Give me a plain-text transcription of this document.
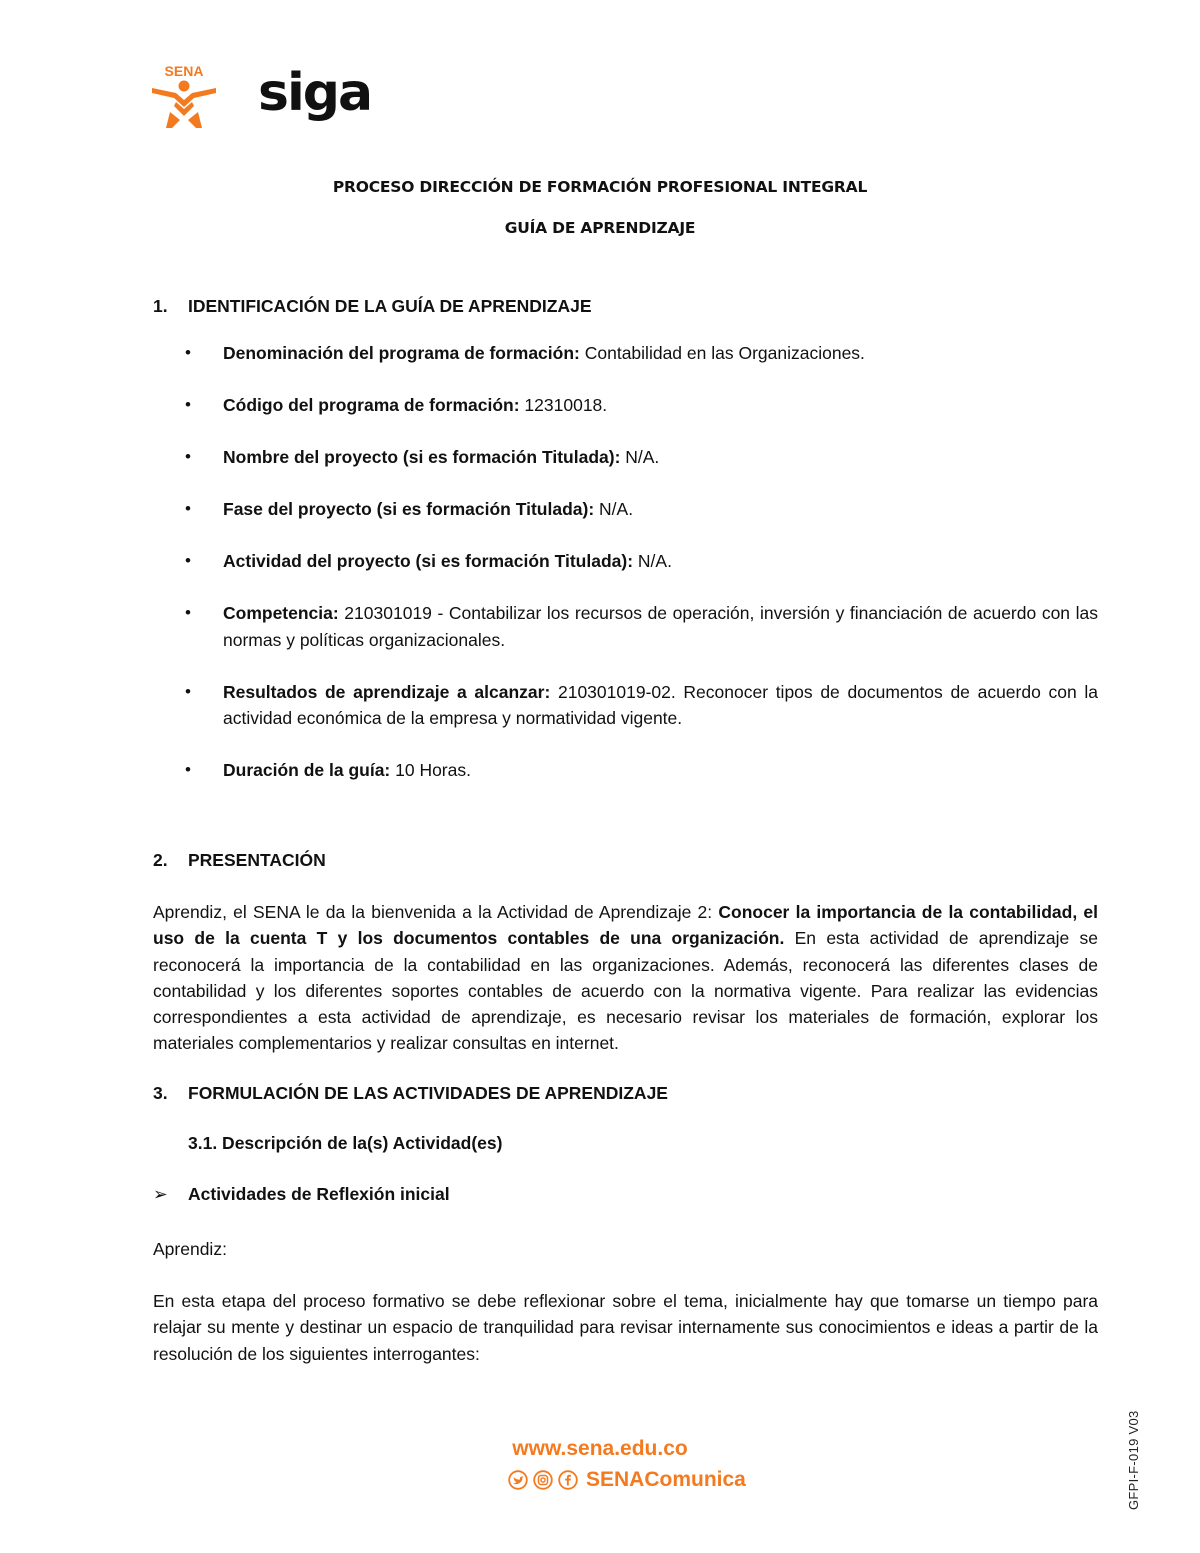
SENA siga
PROCESO DIRECCIÓN DE FORMACIÓN PROFESIONAL INTEGRAL
GUÍA DE APRENDIZAJE
1. IDENTIFICACIÓN DE LA GUÍA DE APRENDIZAJE
• Denominación del programa de formación: Contabilidad en las Organizaciones.
• Código del programa de formación: 12310018.
• Nombre del proyecto (si es formación Titulada): N/A.
• Fase del proyecto (si es formación Titulada): N/A.
• Actividad del proyecto (si es formación Titulada): N/A.
• Competencia: 210301019 - Contabilizar los recursos de operación, inversión y financiación de acuerdo con las normas y políticas organizacionales.
• Resultados de aprendizaje a alcanzar: 210301019-02. Reconocer tipos de documentos de acuerdo con la actividad económica de la empresa y normatividad vigente.
• Duración de la guía: 10 Horas.
2. PRESENTACIÓN
Aprendiz, el SENA le da la bienvenida a la Actividad de Aprendizaje 2: Conocer la importancia de la contabilidad, el uso de la cuenta T y los documentos contables de una organización. En esta actividad de aprendizaje se reconocerá la importancia de la contabilidad en las organizaciones. Además, reconocerá las diferentes clases de contabilidad y los diferentes soportes contables de acuerdo con la normativa vigente. Para realizar las evidencias correspondientes a esta actividad de aprendizaje, es necesario revisar los materiales de formación, explorar los materiales complementarios y realizar consultas en internet.
3. FORMULACIÓN DE LAS ACTIVIDADES DE APRENDIZAJE
3.1. Descripción de la(s) Actividad(es)
➢ Actividades de Reflexión inicial
Aprendiz:
En esta etapa del proceso formativo se debe reflexionar sobre el tema, inicialmente hay que tomarse un tiempo para relajar su mente y destinar un espacio de tranquilidad para revisar internamente sus conocimientos e ideas a partir de la resolución de los siguientes interrogantes:
www.sena.edu.co
SENAComunica	GFPI-F-019 V03
